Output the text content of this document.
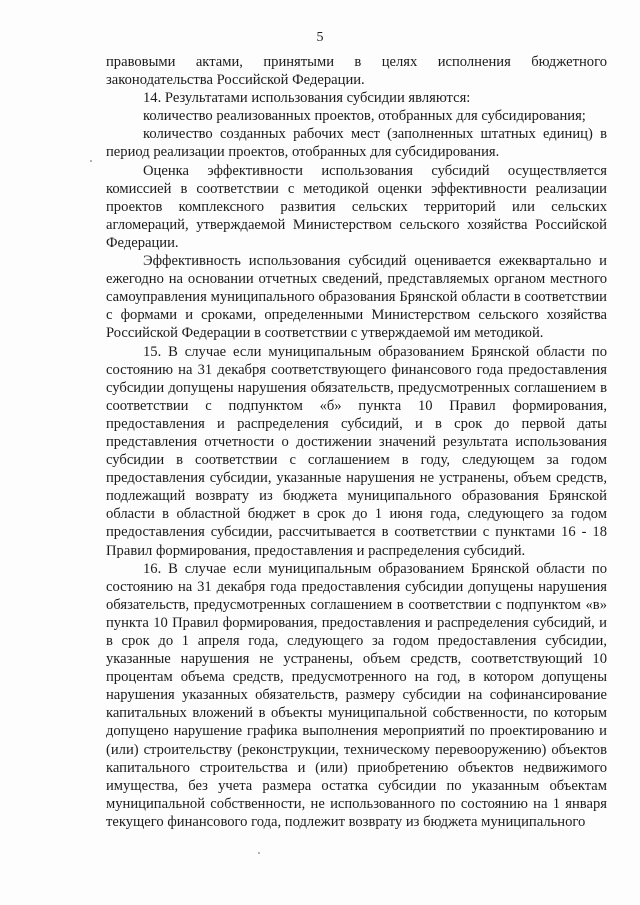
5

правовыми актами, принятыми в целях исполнения бюджетного законодательства Российской Федерации.

14. Результатами использования субсидии являются:

количество реализованных проектов, отобранных для субсидирования;

количество созданных рабочих мест (заполненных штатных единиц) в период реализации проектов, отобранных для субсидирования.

Оценка эффективности использования субсидий осуществляется комиссией в соответствии с методикой оценки эффективности реализации проектов комплексного развития сельских территорий или сельских агломераций, утверждаемой Министерством сельского хозяйства Российской Федерации.

Эффективность использования субсидий оценивается ежеквартально и ежегодно на основании отчетных сведений, представляемых органом местного самоуправления муниципального образования Брянской области в соответствии с формами и сроками, определенными Министерством сельского хозяйства Российской Федерации в соответствии с утверждаемой им методикой.

15. В случае если муниципальным образованием Брянской области по состоянию на 31 декабря соответствующего финансового года предоставления субсидии допущены нарушения обязательств, предусмотренных соглашением в соответствии с подпунктом «б» пункта 10 Правил формирования, предоставления и распределения субсидий, и в срок до первой даты представления отчетности о достижении значений результата использования субсидии в соответствии с соглашением в году, следующем за годом предоставления субсидии, указанные нарушения не устранены, объем средств, подлежащий возврату из бюджета муниципального образования Брянской области в областной бюджет в срок до 1 июня года, следующего за годом предоставления субсидии, рассчитывается в соответствии с пунктами 16 - 18 Правил формирования, предоставления и распределения субсидий.

16. В случае если муниципальным образованием Брянской области по состоянию на 31 декабря года предоставления субсидии допущены нарушения обязательств, предусмотренных соглашением в соответствии с подпунктом «в» пункта 10 Правил формирования, предоставления и распределения субсидий, и в срок до 1 апреля года, следующего за годом предоставления субсидии, указанные нарушения не устранены, объем средств, соответствующий 10 процентам объема средств, предусмотренного на год, в котором допущены нарушения указанных обязательств, размеру субсидии на софинансирование капитальных вложений в объекты муниципальной собственности, по которым допущено нарушение графика выполнения мероприятий по проектированию и (или) строительству (реконструкции, техническому перевооружению) объектов капитального строительства и (или) приобретению объектов недвижимого имущества, без учета размера остатка субсидии по указанным объектам муниципальной собственности, не использованного по состоянию на 1 января текущего финансового года, подлежит возврату из бюджета муниципального
